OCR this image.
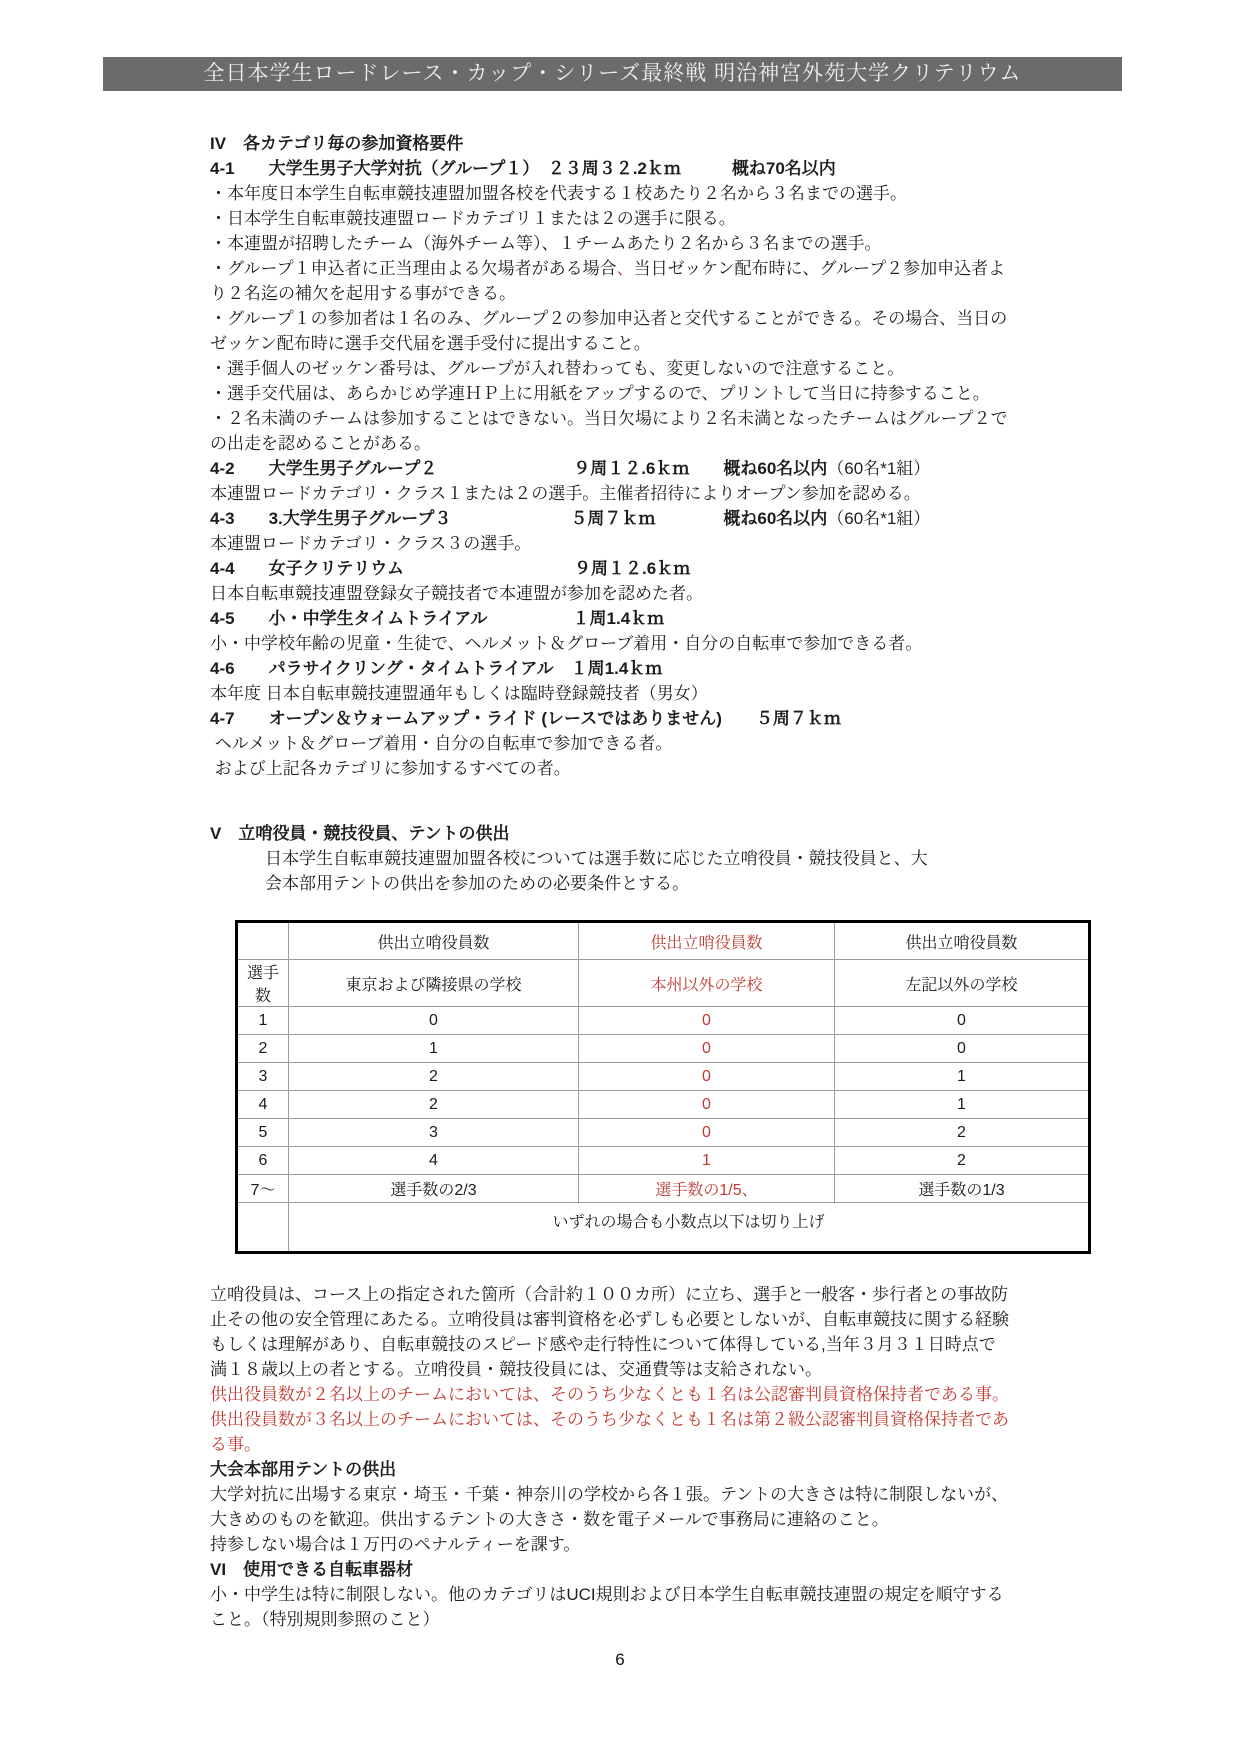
全日本学生ロードレース・カップ・シリーズ最終戦 明治神宮外苑大学クリテリウム
IV　各カテゴリ毎の参加資格要件
4-1　　大学生男子大学対抗（グループ１）　２３周３２.2ｋｍ　　　概ね70名以内
・本年度日本学生自転車競技連盟加盟各校を代表する１校あたり２名から３名までの選手。
・日本学生自転車競技連盟ロードカテゴリ１または２の選手に限る。
・本連盟が招聘したチーム（海外チーム等）、１チームあたり２名から３名までの選手。
・グループ１申込者に正当理由よる欠場者がある場合、当日ゼッケン配布時に、グループ２参加申込者よ
り２名迄の補欠を起用する事ができる。
・グループ１の参加者は１名のみ、グループ２の参加申込者と交代することができる。その場合、当日の
ゼッケン配布時に選手交代届を選手受付に提出すること。
・選手個人のゼッケン番号は、グループが入れ替わっても、変更しないので注意すること。
・選手交代届は、あらかじめ学連ＨＰ上に用紙をアップするので、プリントして当日に持参すること。
・２名未満のチームは参加することはできない。当日欠場により２名未満となったチームはグループ２で
の出走を認めることがある。
4-2　　大学生男子グループ２　　　　　　　　９周１２.6ｋｍ　　概ね60名以内（60名*1組）
本連盟ロードカテゴリ・クラス１または２の選手。主催者招待によりオープン参加を認める。
4-3　　3.大学生男子グループ３　　　　　　　５周７ｋｍ　　　　概ね60名以内（60名*1組）
本連盟ロードカテゴリ・クラス３の選手。
4-4　　女子クリテリウム　　　　　　　　　　９周１２.6ｋｍ
日本自転車競技連盟登録女子競技者で本連盟が参加を認めた者。
4-5　　小・中学生タイムトライアル　　　　　１周1.4ｋｍ
小・中学校年齢の児童・生徒で、ヘルメット＆グローブ着用・自分の自転車で参加できる者。
4-6　　パラサイクリング・タイムトライアル　１周1.4ｋｍ
本年度 日本自転車競技連盟通年もしくは臨時登録競技者（男女）
4-7　　オープン＆ウォームアップ・ライド (レースではありません)　　５周７ｋｍ
ヘルメット＆グローブ着用・自分の自転車で参加できる者。
および上記各カテゴリに参加するすべての者。
V　立哨役員・競技役員、テントの供出
日本学生自転車競技連盟加盟各校については選手数に応じた立哨役員・競技役員と、大
会本部用テントの供出を参加のための必要条件とする。
	供出立哨役員数	供出立哨役員数	供出立哨役員数
選手数	東京および隣接県の学校	本州以外の学校	左記以外の学校
1	0	0	0
2	1	0	0
3	2	0	1
4	2	0	1
5	3	0	2
6	4	1	2
7～	選手数の2/3	選手数の1/5、	選手数の1/3
	いずれの場合も小数点以下は切り上げ		
立哨役員は、コース上の指定された箇所（合計約１００カ所）に立ち、選手と一般客・歩行者との事故防
止その他の安全管理にあたる。立哨役員は審判資格を必ずしも必要としないが、自転車競技に関する経験
もしくは理解があり、自転車競技のスピード感や走行特性について体得している,当年３月３１日時点で
満１８歳以上の者とする。立哨役員・競技役員には、交通費等は支給されない。
供出役員数が２名以上のチームにおいては、そのうち少なくとも１名は公認審判員資格保持者である事。
供出役員数が３名以上のチームにおいては、そのうち少なくとも１名は第２級公認審判員資格保持者であ
る事。
大会本部用テントの供出
大学対抗に出場する東京・埼玉・千葉・神奈川の学校から各１張。テントの大きさは特に制限しないが、
大きめのものを歓迎。供出するテントの大きさ・数を電子メールで事務局に連絡のこと。
持参しない場合は１万円のペナルティーを課す。
VI　使用できる自転車器材
小・中学生は特に制限しない。他のカテゴリはUCI規則および日本学生自転車競技連盟の規定を順守する
こと。（特別規則参照のこと）
6
